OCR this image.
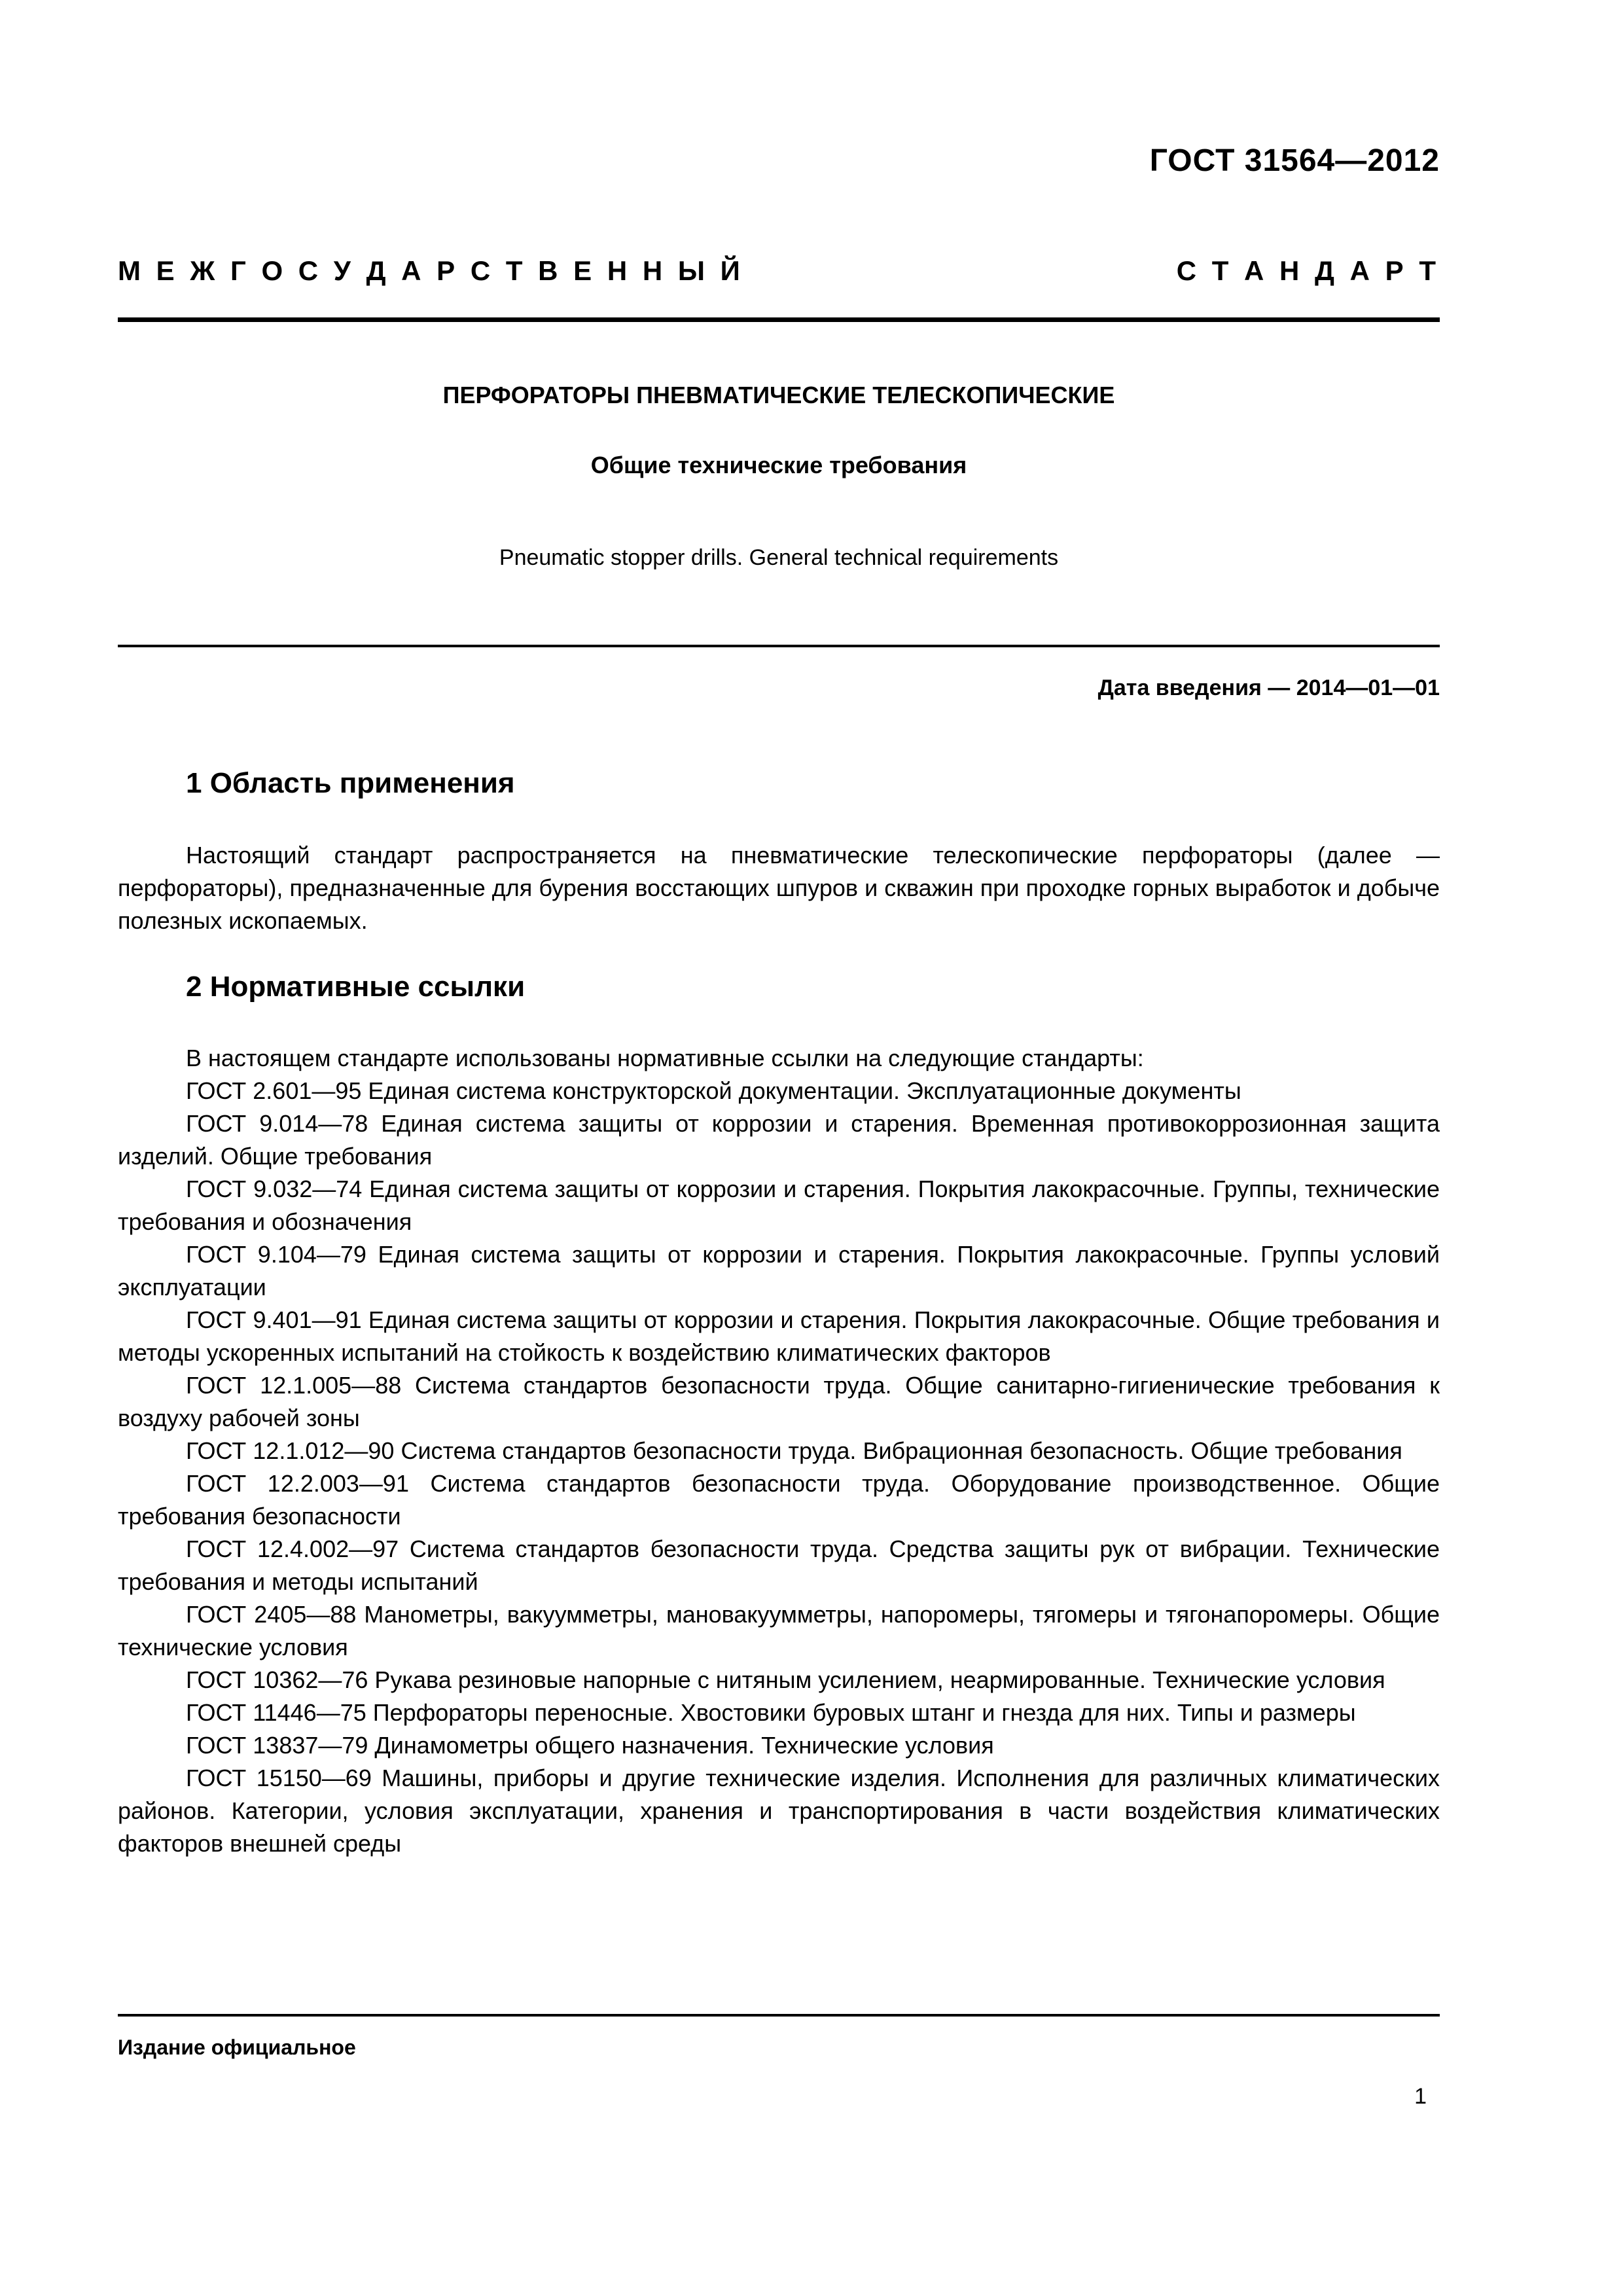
ГОСТ 31564—2012
М Е Ж Г О С У Д А Р С Т В Е Н Н Ы Й	С Т А Н Д А Р Т
ПЕРФОРАТОРЫ ПНЕВМАТИЧЕСКИЕ ТЕЛЕСКОПИЧЕСКИЕ
Общие технические требования
Pneumatic stopper drills. General technical requirements
Дата введения — 2014—01—01
1 Область применения

Настоящий стандарт распространяется на пневматические телескопические перфораторы (далее — перфораторы), предназначенные для бурения восстающих шпуров и скважин при проходке горных выработок и добыче полезных ископаемых.

2 Нормативные ссылки

В настоящем стандарте использованы нормативные ссылки на следующие стандарты:

ГОСТ 2.601—95 Единая система конструкторской документации. Эксплуатационные документы

ГОСТ 9.014—78 Единая система защиты от коррозии и старения. Временная противокоррозионная защита изделий. Общие требования

ГОСТ 9.032—74 Единая система защиты от коррозии и старения. Покрытия лакокрасочные. Группы, технические требования и обозначения

ГОСТ 9.104—79 Единая система защиты от коррозии и старения. Покрытия лакокрасочные. Группы условий эксплуатации

ГОСТ 9.401—91 Единая система защиты от коррозии и старения. Покрытия лакокрасочные. Общие требования и методы ускоренных испытаний на стойкость к воздействию климатических факторов

ГОСТ 12.1.005—88 Система стандартов безопасности труда. Общие санитарно-гигиенические требования к воздуху рабочей зоны

ГОСТ 12.1.012—90 Система стандартов безопасности труда. Вибрационная безопасность. Общие требования

ГОСТ 12.2.003—91 Система стандартов безопасности труда. Оборудование производственное. Общие требования безопасности

ГОСТ 12.4.002—97 Система стандартов безопасности труда. Средства защиты рук от вибрации. Технические требования и методы испытаний

ГОСТ 2405—88 Манометры, вакуумметры, мановакуумметры, напоромеры, тягомеры и тягонапоромеры. Общие технические условия

ГОСТ 10362—76 Рукава резиновые напорные с нитяным усилением, неармированные. Технические условия

ГОСТ 11446—75 Перфораторы переносные. Хвостовики буровых штанг и гнезда для них. Типы и размеры

ГОСТ 13837—79 Динамометры общего назначения. Технические условия

ГОСТ 15150—69 Машины, приборы и другие технические изделия. Исполнения для различных климатических районов. Категории, условия эксплуатации, хранения и транспортирования в части воздействия климатических факторов внешней среды

Издание официальное
1
